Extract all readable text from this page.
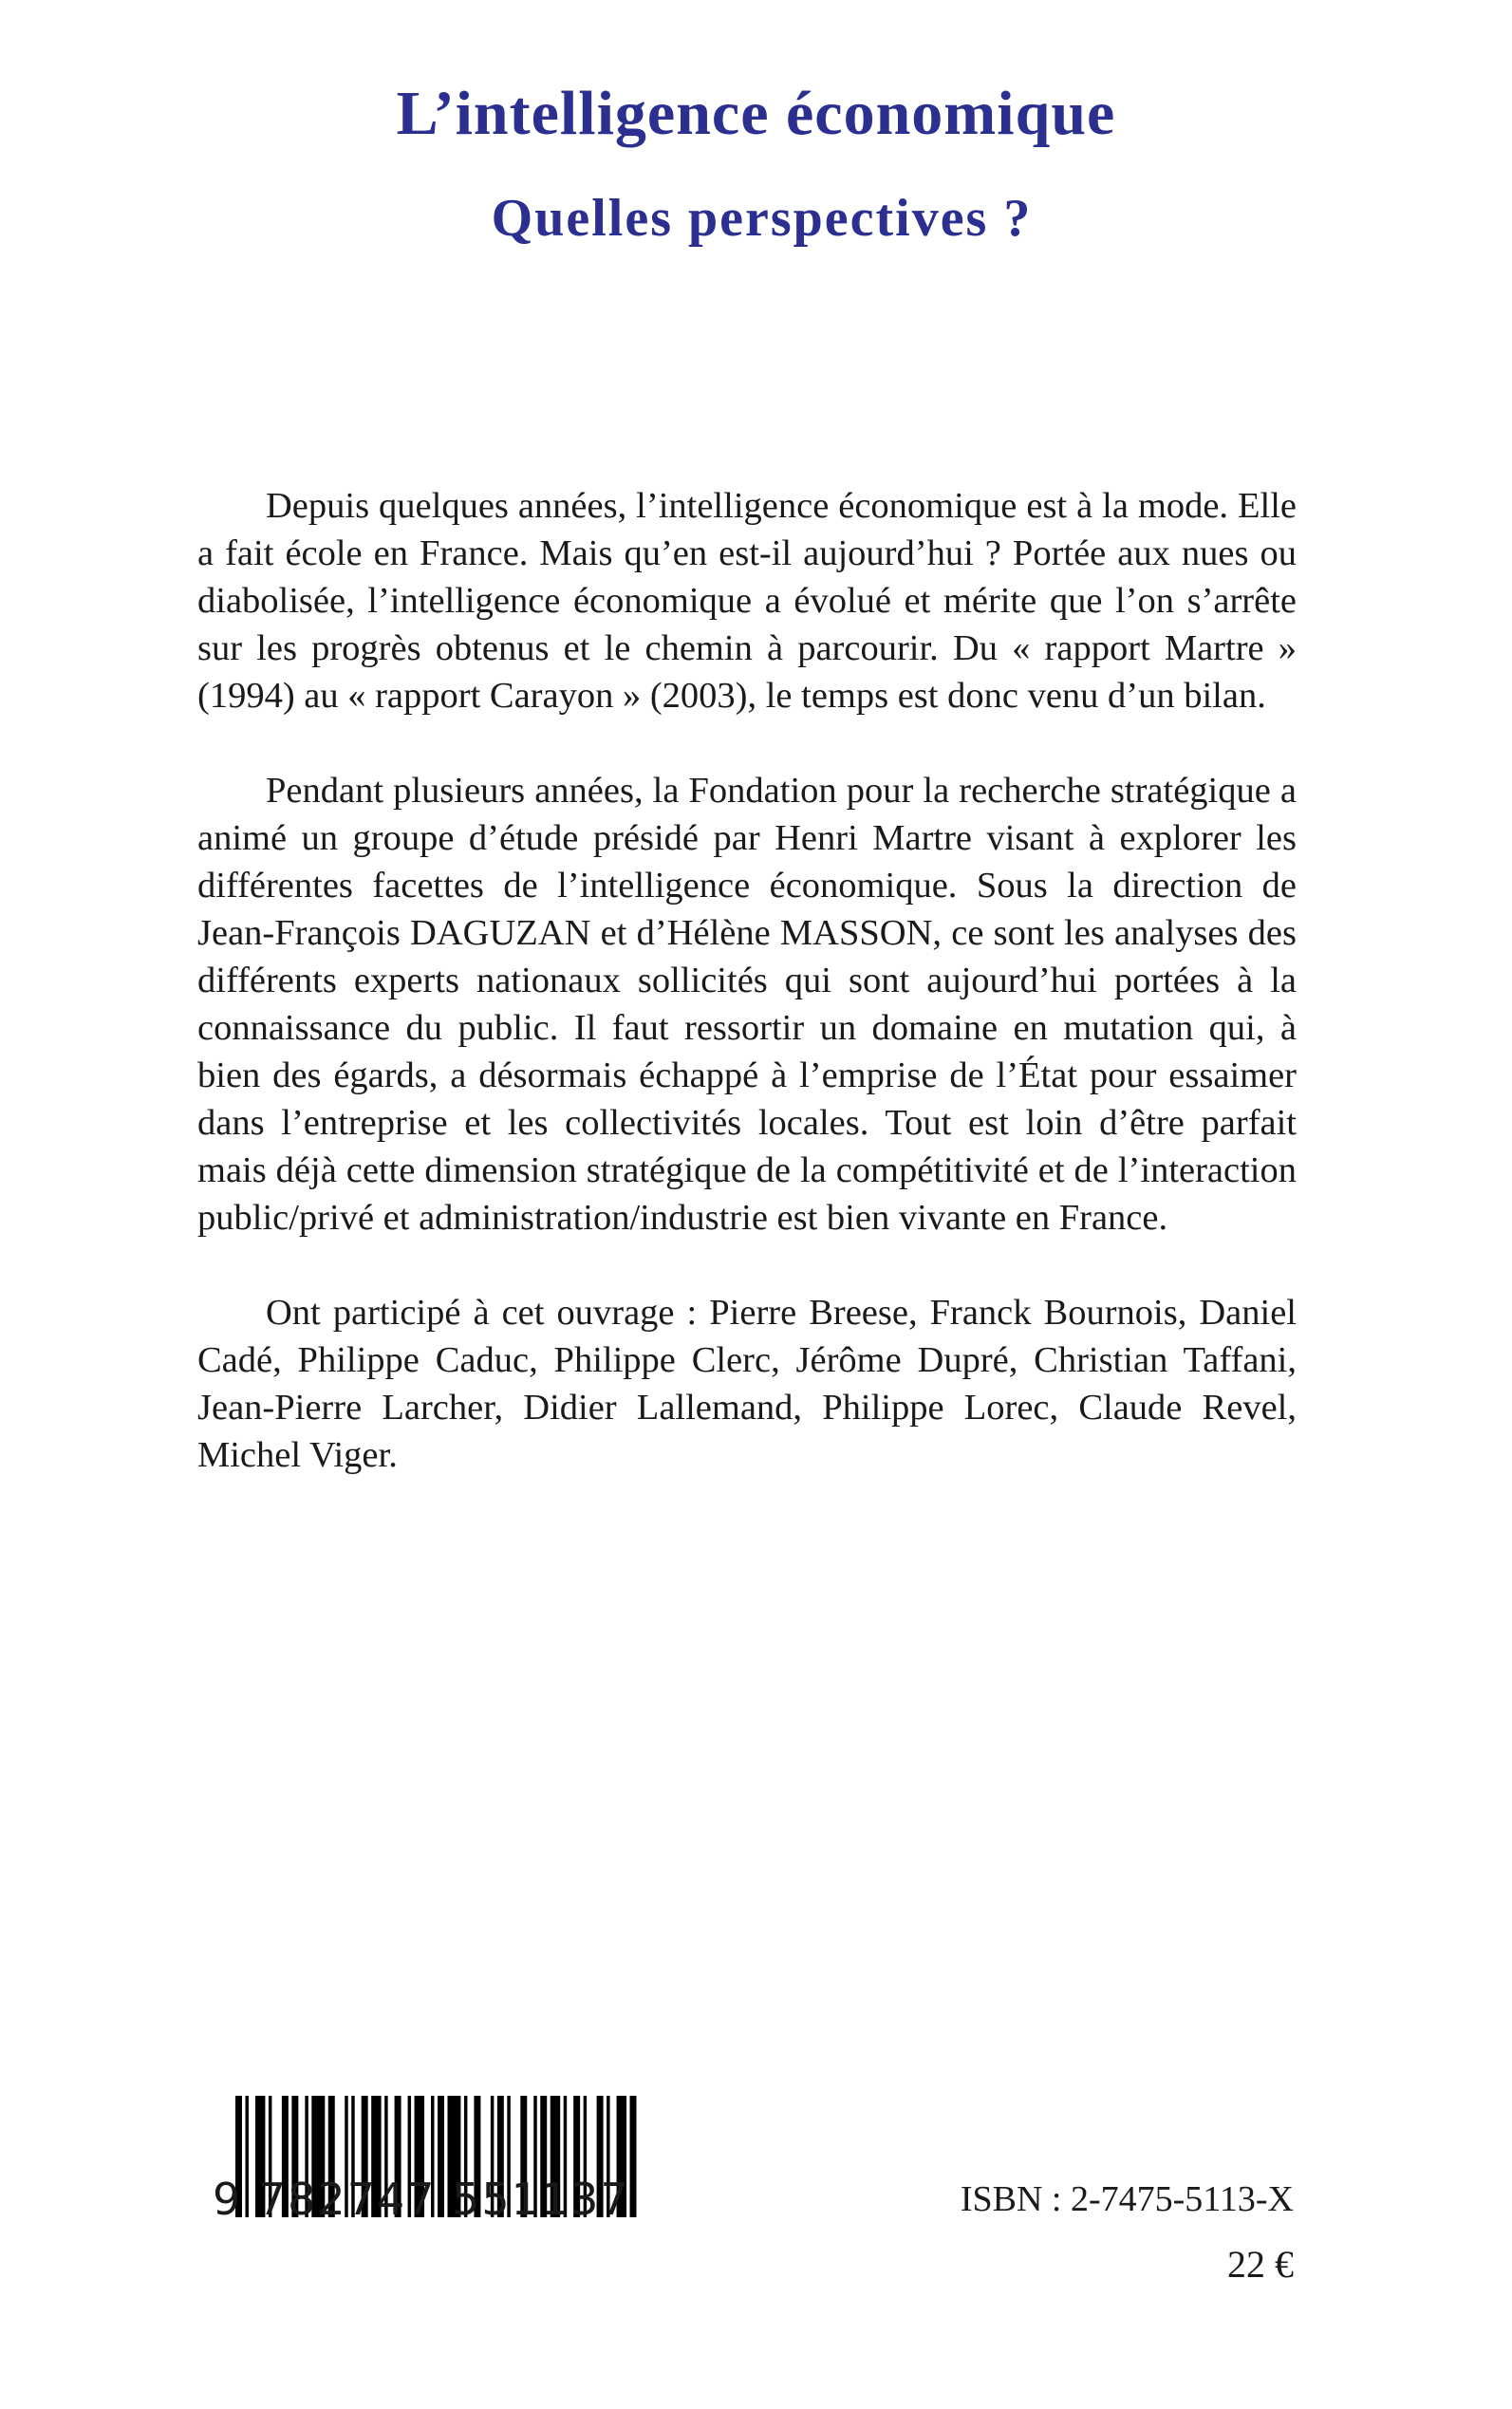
L’intelligence économique
Quelles perspectives ?

Depuis quelques années, l’intelligence économique est à la mode. Elle a fait école en France. Mais qu’en est-il aujourd’hui ? Portée aux nues ou diabolisée, l’intelligence économique a évolué et mérite que l’on s’arrête sur les progrès obtenus et le chemin à parcourir. Du « rapport Martre » (1994) au « rapport Carayon » (2003), le temps est donc venu d’un bilan.

Pendant plusieurs années, la Fondation pour la recherche stratégique a animé un groupe d’étude présidé par Henri Martre visant à explorer les différentes facettes de l’intelligence économique. Sous la direction de Jean-François DAGUZAN et d’Hélène MASSON, ce sont les analyses des différents experts nationaux sollicités qui sont aujourd’hui portées à la connaissance du public. Il faut ressortir un domaine en mutation qui, à bien des égards, a désormais échappé à l’emprise de l’État pour essaimer dans l’entreprise et les collectivités locales. Tout est loin d’être parfait mais déjà cette dimension stratégique de la compétitivité et de l’interaction public/privé et administration/industrie est bien vivante en France.

Ont participé à cet ouvrage : Pierre Breese, Franck Bournois, Daniel Cadé, Philippe Caduc, Philippe Clerc, Jérôme Dupré, Christian Taffani, Jean-Pierre Larcher, Didier Lallemand, Philippe Lorec, Claude Revel, Michel Viger.

9 782747 551137	ISBN : 2-7475-5113-X
22 €
